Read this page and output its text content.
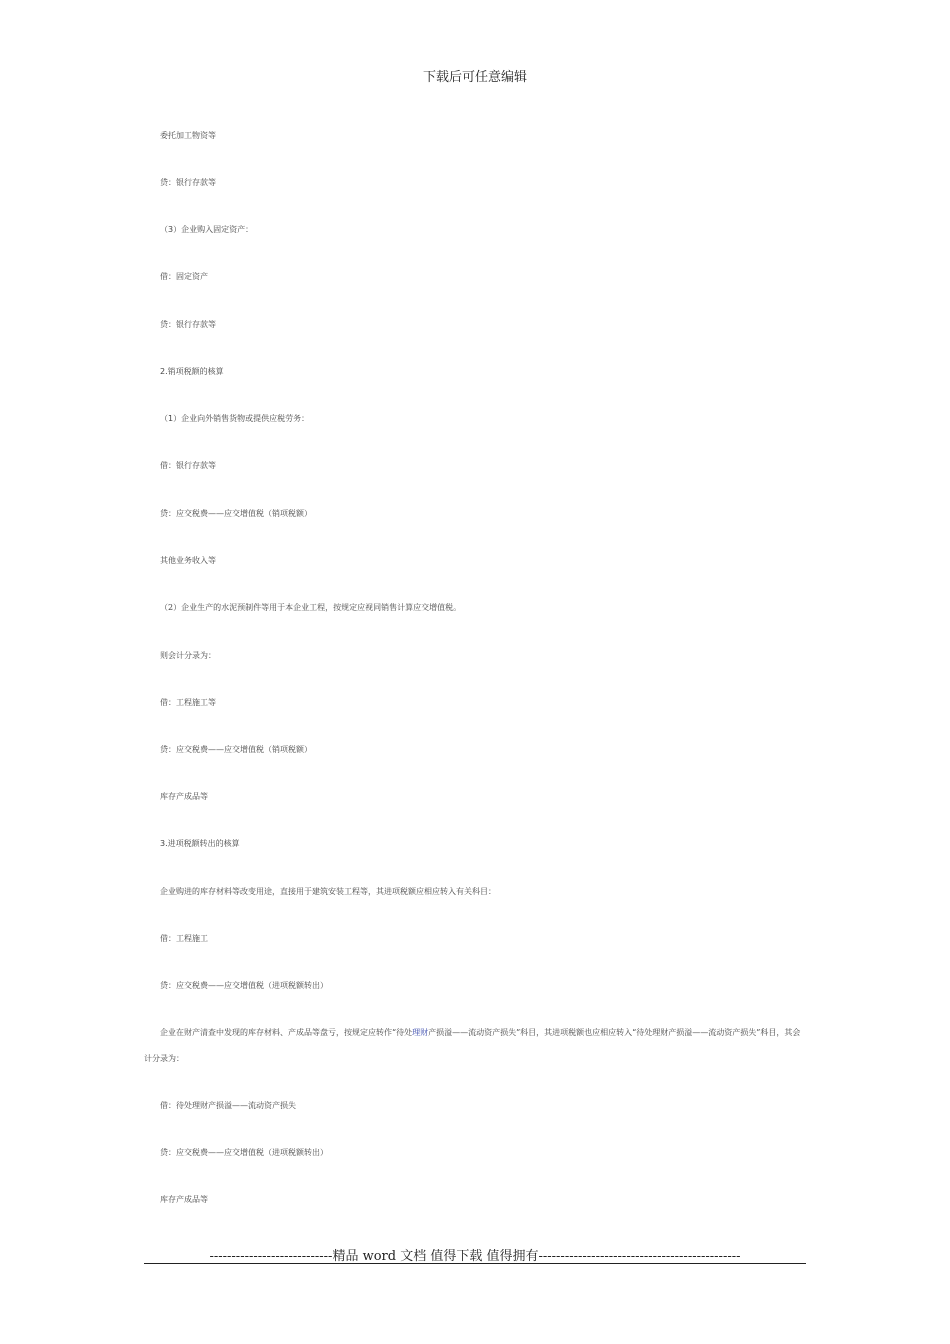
下载后可任意编辑
委托加工物资等
贷：银行存款等
（3）企业购入固定资产：
借：固定资产
贷：银行存款等
2.销项税额的核算
（1）企业向外销售货物或提供应税劳务：
借：银行存款等
贷：应交税费——应交增值税（销项税额）
其他业务收入等
（2）企业生产的水泥预制件等用于本企业工程，按规定应视同销售计算应交增值税。
则会计分录为：
借：工程施工等
贷：应交税费——应交增值税（销项税额）
库存产成品等
3.进项税额转出的核算
企业购进的库存材料等改变用途，直接用于建筑安装工程等，其进项税额应相应转入有关科目：
借：工程施工
贷：应交税费——应交增值税（进项税额转出）
企业在财产清查中发现的库存材料、产成品等盘亏，按规定应转作“待处理财产损溢——流动资产损失”科目，其进项税额也应相应转入“待处理财产损溢——流动资产损失”科目，其会计分录为：
借：待处理财产损溢——流动资产损失
贷：应交税费——应交增值税（进项税额转出）
库存产成品等
----------------------------精品 word 文档 值得下载 值得拥有----------------------------------------------
